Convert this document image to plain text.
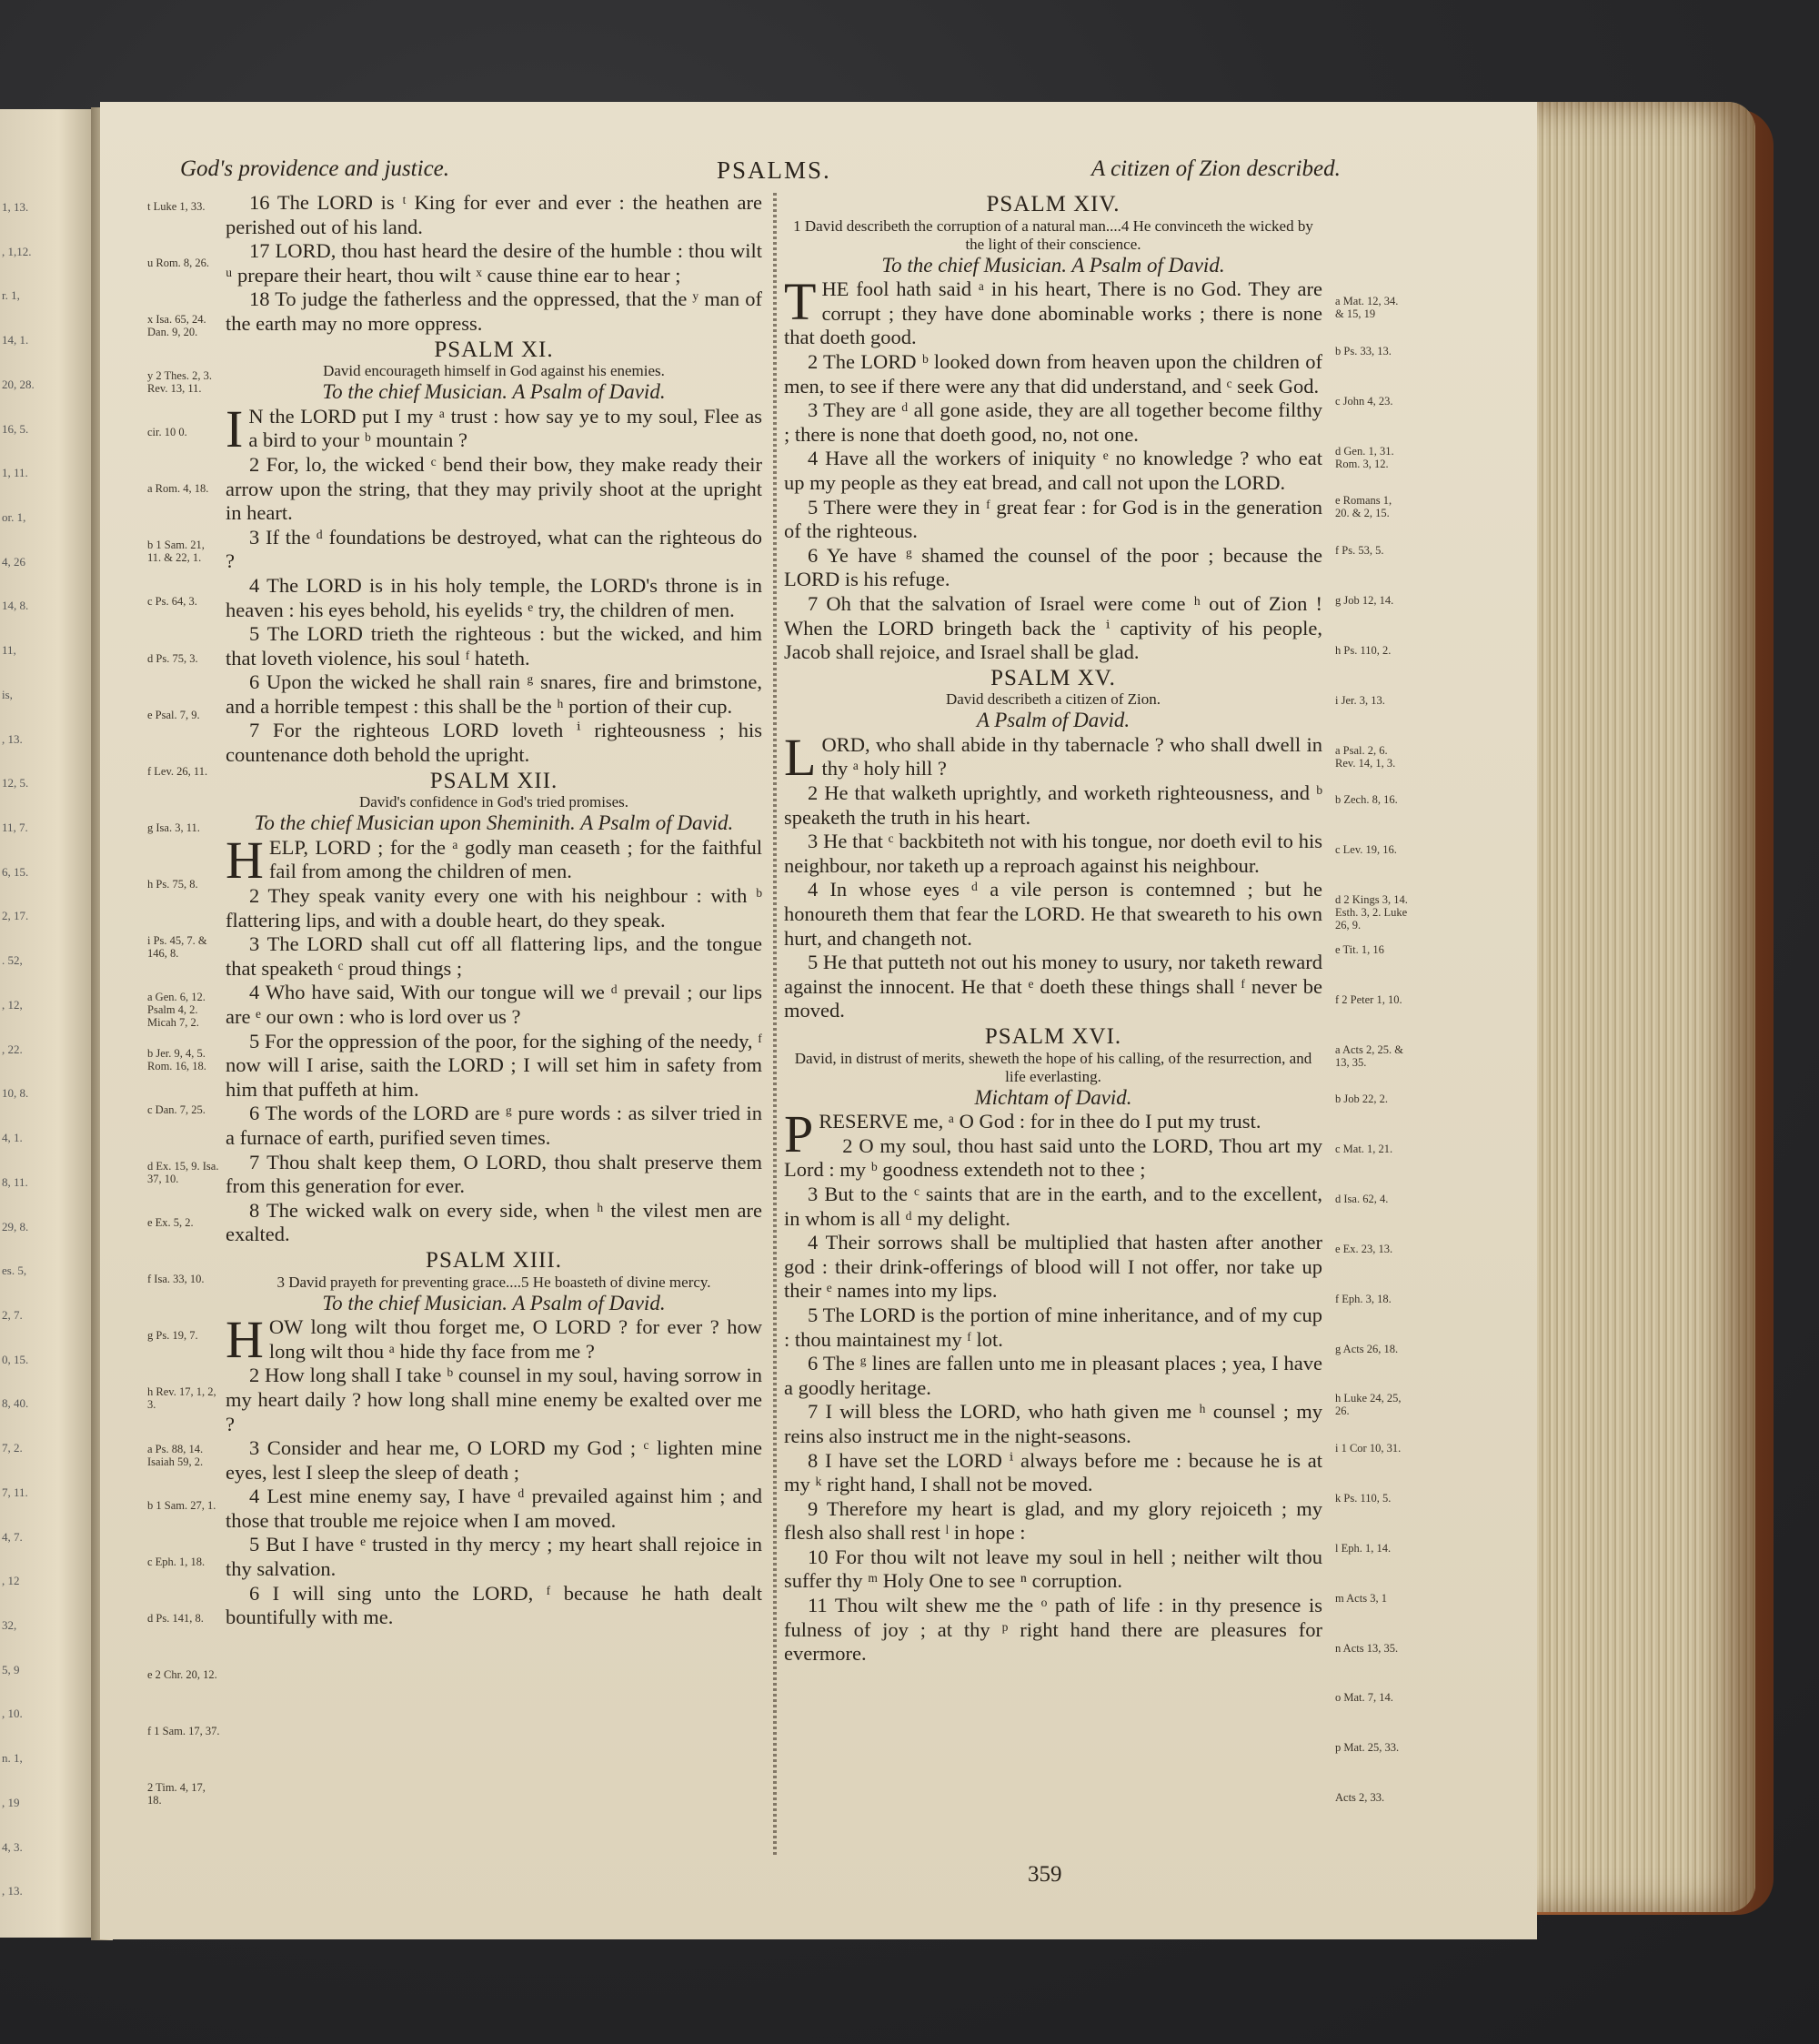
1, 13.
, 1,12.
r. 1,
14, 1.
20, 28.
16, 5.
1, 11.
or. 1,
4, 26
14, 8.
11,
is,
, 13.
12, 5.
11, 7.
6, 15.
2, 17.
. 52,
, 12,
, 22.
10, 8.
4, 1.
8, 11.
29, 8.
es. 5,
2, 7.
0, 15.
8, 40.
7, 2.
7, 11.
4, 7.
, 12
32,
5, 9
, 10.
n. 1,
, 19
4, 3.
, 13.
God's providence and justice.	PSALMS.	A citizen of Zion described.
t Luke 1, 33.
u Rom. 8, 26.
x Isa. 65, 24. Dan. 9, 20.
y 2 Thes. 2, 3. Rev. 13, 11.
cir. 10 0.
a Rom. 4, 18.
b 1 Sam. 21, 11. & 22, 1.
c Ps. 64, 3.
d Ps. 75, 3.
e Psal. 7, 9.
f Lev. 26, 11.
g Isa. 3, 11.
h Ps. 75, 8.
i Ps. 45, 7. & 146, 8.
a Gen. 6, 12. Psalm 4, 2. Micah 7, 2.
b Jer. 9, 4, 5. Rom. 16, 18.
c Dan. 7, 25.
d Ex. 15, 9. Isa. 37, 10.
e Ex. 5, 2.
f Isa. 33, 10.
g Ps. 19, 7.
h Rev. 17, 1, 2, 3.
a Ps. 88, 14. Isaiah 59, 2.
b 1 Sam. 27, 1.
c Eph. 1, 18.
d Ps. 141, 8.
e 2 Chr. 20, 12.
f 1 Sam. 17, 37.
2 Tim. 4, 17, 18.

16 The LORD is ᵗ King for ever and ever : the heathen are perished out of his land.

17 LORD, thou hast heard the desire of the humble : thou wilt ᵘ prepare their heart, thou wilt ˣ cause thine ear to hear ;

18 To judge the fatherless and the oppressed, that the ʸ man of the earth may no more oppress.

PSALM XI.

David encourageth himself in God against his enemies.

To the chief Musician. A Psalm of David.

I N the LORD put I my ᵃ trust : how say ye to my soul, Flee as a bird to your ᵇ mountain ?

2 For, lo, the wicked ᶜ bend their bow, they make ready their arrow upon the string, that they may privily shoot at the upright in heart.

3 If the ᵈ foundations be destroyed, what can the righteous do ?

4 The LORD is in his holy temple, the LORD's throne is in heaven : his eyes behold, his eyelids ᵉ try, the children of men.

5 The LORD trieth the righteous : but the wicked, and him that loveth violence, his soul ᶠ hateth.

6 Upon the wicked he shall rain ᵍ snares, fire and brimstone, and a horrible tempest : this shall be the ʰ portion of their cup.

7 For the righteous LORD loveth ⁱ righteousness ; his countenance doth behold the upright.

PSALM XII.

David's confidence in God's tried promises.

To the chief Musician upon Sheminith. A Psalm of David.

HELP, LORD ; for the ᵃ godly man ceaseth ; for the faithful fail from among the children of men.

2 They speak vanity every one with his neighbour : with ᵇ flattering lips, and with a double heart, do they speak.

3 The LORD shall cut off all flattering lips, and the tongue that speaketh ᶜ proud things ;

4 Who have said, With our tongue will we ᵈ prevail ; our lips are ᵉ our own : who is lord over us ?

5 For the oppression of the poor, for the sighing of the needy, ᶠ now will I arise, saith the LORD ; I will set him in safety from him that puffeth at him.

6 The words of the LORD are ᵍ pure words : as silver tried in a furnace of earth, purified seven times.

7 Thou shalt keep them, O LORD, thou shalt preserve them from this generation for ever.

8 The wicked walk on every side, when ʰ the vilest men are exalted.

PSALM XIII.

3 David prayeth for preventing grace....5 He boasteth of divine mercy.

To the chief Musician. A Psalm of David.

HOW long wilt thou forget me, O LORD ? for ever ? how long wilt thou ᵃ hide thy face from me ?

2 How long shall I take ᵇ counsel in my soul, having sorrow in my heart daily ? how long shall mine enemy be exalted over me ?

3 Consider and hear me, O LORD my God ; ᶜ lighten mine eyes, lest I sleep the sleep of death ;

4 Lest mine enemy say, I have ᵈ prevailed against him ; and those that trouble me rejoice when I am moved.

5 But I have ᵉ trusted in thy mercy ; my heart shall rejoice in thy salvation.

6 I will sing unto the LORD, ᶠ because he hath dealt bountifully with me.

PSALM XIV.

1 David describeth the corruption of a natural man....4 He convinceth the wicked by the light of their conscience.

To the chief Musician. A Psalm of David.

THE fool hath said ᵃ in his heart, There is no God. They are corrupt ; they have done abominable works ; there is none that doeth good.

2 The LORD ᵇ looked down from heaven upon the children of men, to see if there were any that did understand, and ᶜ seek God.

3 They are ᵈ all gone aside, they are all together become filthy ; there is none that doeth good, no, not one.

4 Have all the workers of iniquity ᵉ no knowledge ? who eat up my people as they eat bread, and call not upon the LORD.

5 There were they in ᶠ great fear : for God is in the generation of the righteous.

6 Ye have ᵍ shamed the counsel of the poor ; because the LORD is his refuge.

7 Oh that the salvation of Israel were come ʰ out of Zion ! When the LORD bringeth back the ⁱ captivity of his people, Jacob shall rejoice, and Israel shall be glad.

PSALM XV.

David describeth a citizen of Zion.

A Psalm of David.

LORD, who shall abide in thy tabernacle ? who shall dwell in thy ᵃ holy hill ?

2 He that walketh uprightly, and worketh righteousness, and ᵇ speaketh the truth in his heart.

3 He that ᶜ backbiteth not with his tongue, nor doeth evil to his neighbour, nor taketh up a reproach against his neighbour.

4 In whose eyes ᵈ a vile person is contemned ; but he honoureth them that fear the LORD. He that sweareth to his own hurt, and changeth not.

5 He that putteth not out his money to usury, nor taketh reward against the innocent. He that ᵉ doeth these things shall ᶠ never be moved.

PSALM XVI.

David, in distrust of merits, sheweth the hope of his calling, of the resurrection, and life everlasting.

Michtam of David.

PRESERVE me, ᵃ O God : for in thee do I put my trust.

2 O my soul, thou hast said unto the LORD, Thou art my Lord : my ᵇ goodness extendeth not to thee ;

3 But to the ᶜ saints that are in the earth, and to the excellent, in whom is all ᵈ my delight.

4 Their sorrows shall be multiplied that hasten after another god : their drink-offerings of blood will I not offer, nor take up their ᵉ names into my lips.

5 The LORD is the portion of mine inheritance, and of my cup : thou maintainest my ᶠ lot.

6 The ᵍ lines are fallen unto me in pleasant places ; yea, I have a goodly heritage.

7 I will bless the LORD, who hath given me ʰ counsel ; my reins also instruct me in the night-seasons.

8 I have set the LORD ⁱ always before me : because he is at my ᵏ right hand, I shall not be moved.

9 Therefore my heart is glad, and my glory rejoiceth ; my flesh also shall rest ˡ in hope :

10 For thou wilt not leave my soul in hell ; neither wilt thou suffer thy ᵐ Holy One to see ⁿ corruption.

11 Thou wilt shew me the ᵒ path of life : in thy presence is fulness of joy ; at thy ᵖ right hand there are pleasures for evermore.

a Mat. 12, 34. & 15, 19
b Ps. 33, 13.
c John 4, 23.
d Gen. 1, 31. Rom. 3, 12.
e Romans 1, 20. & 2, 15.
f Ps. 53, 5.
g Job 12, 14.
h Ps. 110, 2.
i Jer. 3, 13.
a Psal. 2, 6. Rev. 14, 1, 3.
b Zech. 8, 16.
c Lev. 19, 16.
d 2 Kings 3, 14. Esth. 3, 2. Luke 26, 9.
e Tit. 1, 16
f 2 Peter 1, 10.
a Acts 2, 25. & 13, 35.
b Job 22, 2.
c Mat. 1, 21.
d Isa. 62, 4.
e Ex. 23, 13.
f Eph. 3, 18.
g Acts 26, 18.
h Luke 24, 25, 26.
i 1 Cor 10, 31.
k Ps. 110, 5.
l Eph. 1, 14.
m Acts 3, 1
n Acts 13, 35.
o Mat. 7, 14.
p Mat. 25, 33.
Acts 2, 33.
359
